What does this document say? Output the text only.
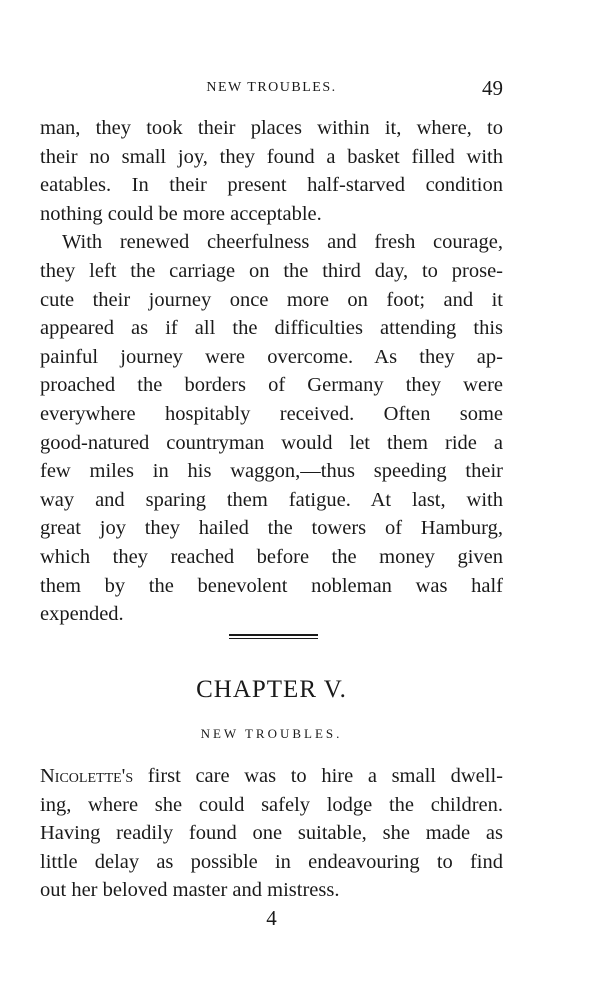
NEW TROUBLES.	49
man, they took their places within it, where, to
their no small joy, they found a basket filled with
eatables. In their present half-starved condition
nothing could be more acceptable.
With renewed cheerfulness and fresh courage,
they left the carriage on the third day, to prose-
cute their journey once more on foot; and it
appeared as if all the difficulties attending this
painful journey were overcome. As they ap-
proached the borders of Germany they were
everywhere hospitably received. Often some
good-natured countryman would let them ride a
few miles in his waggon,—thus speeding their
way and sparing them fatigue. At last, with
great joy they hailed the towers of Hamburg,
which they reached before the money given
them by the benevolent nobleman was half
expended.
CHAPTER V.
NEW TROUBLES.
Nicolette's first care was to hire a small dwell-
ing, where she could safely lodge the children.
Having readily found one suitable, she made as
little delay as possible in endeavouring to find
out her beloved master and mistress.
4
